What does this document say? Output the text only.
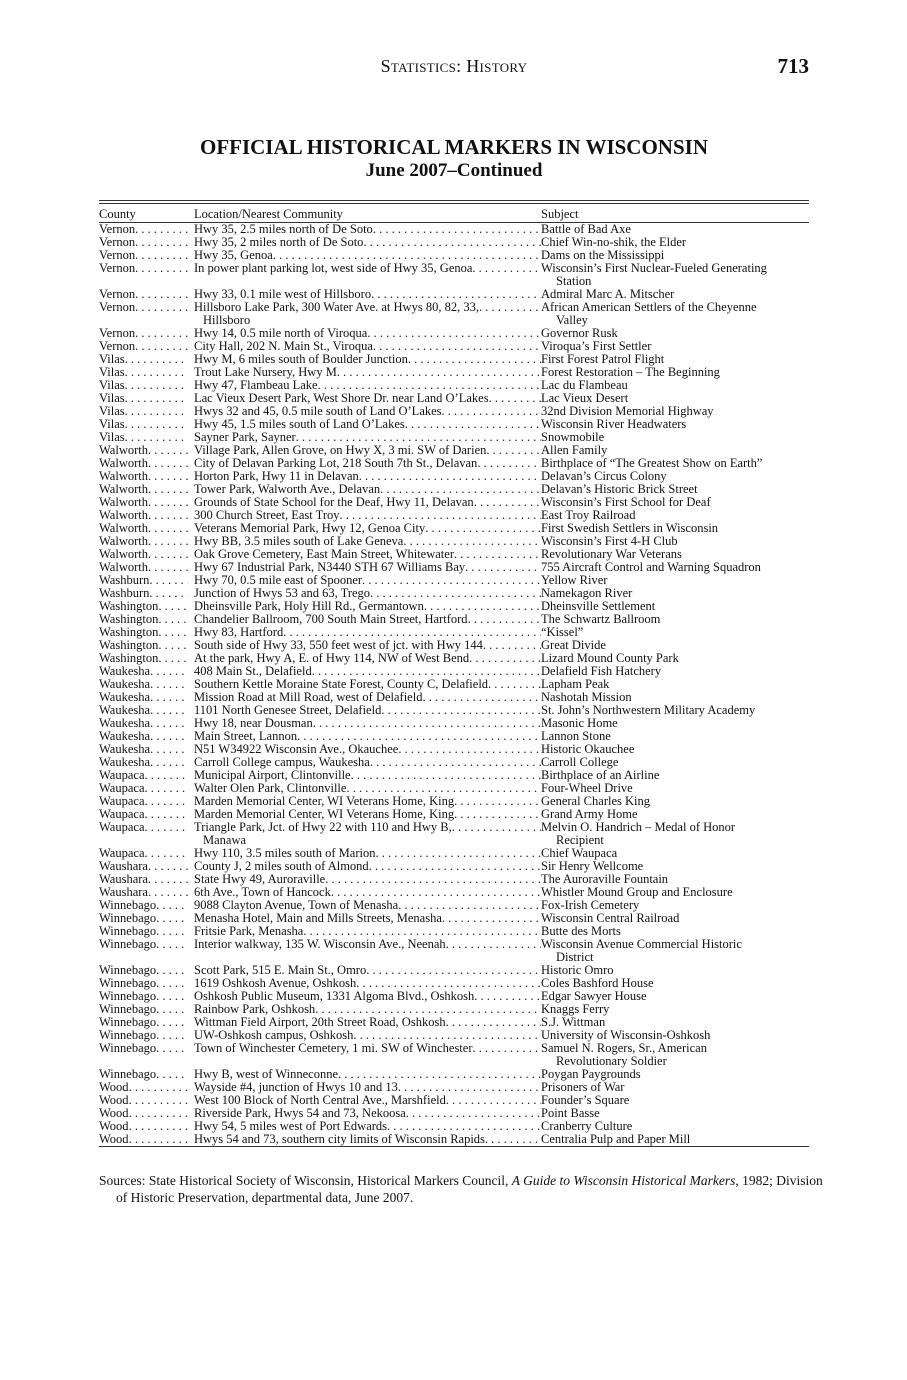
Statistics: History	713
OFFICIAL HISTORICAL MARKERS IN WISCONSIN
June 2007–Continued
County	Location/Nearest Community	Subject
Vernon . . .	Hwy 35, 2.5 miles north of De Soto . . .	Battle of Bad Axe
Vernon . . .	Hwy 35, 2 miles north of De Soto . . .	Chief Win-no-shik, the Elder
Vernon . . .	Hwy 35, Genoa . . .	Dams on the Mississippi
Vernon . . .	In power plant parking lot, west side of Hwy 35, Genoa . . .	Wisconsin’s First Nuclear-Fueled Generating
Station
Vernon . . .	Hwy 33, 0.1 mile west of Hillsboro . . .	Admiral Marc A. Mitscher
Vernon . . .	Hillsboro Lake Park, 300 Water Ave. at Hwys 80, 82, 33, . . .	African American Settlers of the Cheyenne
Hillsboro	Valley
Vernon . . .	Hwy 14, 0.5 mile north of Viroqua . . .	Governor Rusk
Vernon . . .	City Hall, 202 N. Main St., Viroqua . . .	Viroqua’s First Settler
Vilas . . .	Hwy M, 6 miles south of Boulder Junction . . .	First Forest Patrol Flight
Vilas . . .	Trout Lake Nursery, Hwy M . . .	Forest Restoration – The Beginning
Vilas . . .	Hwy 47, Flambeau Lake . . .	Lac du Flambeau
Vilas . . .	Lac Vieux Desert Park, West Shore Dr. near Land O’Lakes . . .	Lac Vieux Desert
Vilas . . .	Hwys 32 and 45, 0.5 mile south of Land O’Lakes . . .	32nd Division Memorial Highway
Vilas . . .	Hwy 45, 1.5 miles south of Land O’Lakes . . .	Wisconsin River Headwaters
Vilas . . .	Sayner Park, Sayner . . .	Snowmobile
Walworth . . .	Village Park, Allen Grove, on Hwy X, 3 mi. SW of Darien . . .	Allen Family
Walworth . . .	City of Delavan Parking Lot, 218 South 7th St., Delavan . . .	Birthplace of “The Greatest Show on Earth”
Walworth . . .	Horton Park, Hwy 11 in Delavan . . .	Delavan’s Circus Colony
Walworth . . .	Tower Park, Walworth Ave., Delavan . . .	Delavan’s Historic Brick Street
Walworth . . .	Grounds of State School for the Deaf, Hwy 11, Delavan . . .	Wisconsin’s First School for Deaf
Walworth . . .	300 Church Street, East Troy . . .	East Troy Railroad
Walworth . . .	Veterans Memorial Park, Hwy 12, Genoa City . . .	First Swedish Settlers in Wisconsin
Walworth . . .	Hwy BB, 3.5 miles south of Lake Geneva . . .	Wisconsin’s First 4-H Club
Walworth . . .	Oak Grove Cemetery, East Main Street, Whitewater . . .	Revolutionary War Veterans
Walworth . . .	Hwy 67 Industrial Park, N3440 STH 67 Williams Bay . . .	755 Aircraft Control and Warning Squadron
Washburn . . .	Hwy 70, 0.5 mile east of Spooner . . .	Yellow River
Washburn . . .	Junction of Hwys 53 and 63, Trego . . .	Namekagon River
Washington . . .	Dheinsville Park, Holy Hill Rd., Germantown . . .	Dheinsville Settlement
Washington . . .	Chandelier Ballroom, 700 South Main Street, Hartford . . .	The Schwartz Ballroom
Washington . . .	Hwy 83, Hartford . . .	“Kissel”
Washington . . .	South side of Hwy 33, 550 feet west of jct. with Hwy 144 . . .	Great Divide
Washington . . .	At the park, Hwy A, E. of Hwy 114, NW of West Bend . . .	Lizard Mound County Park
Waukesha . . .	408 Main St., Delafield . . .	Delafield Fish Hatchery
Waukesha . . .	Southern Kettle Moraine State Forest, County C, Delafield . . .	Lapham Peak
Waukesha . . .	Mission Road at Mill Road, west of Delafield . . .	Nashotah Mission
Waukesha . . .	1101 North Genesee Street, Delafield . . .	St. John’s Northwestern Military Academy
Waukesha . . .	Hwy 18, near Dousman . . .	Masonic Home
Waukesha . . .	Main Street, Lannon . . .	Lannon Stone
Waukesha . . .	N51 W34922 Wisconsin Ave., Okauchee . . .	Historic Okauchee
Waukesha . . .	Carroll College campus, Waukesha . . .	Carroll College
Waupaca . . .	Municipal Airport, Clintonville . . .	Birthplace of an Airline
Waupaca . . .	Walter Olen Park, Clintonville . . .	Four-Wheel Drive
Waupaca . . .	Marden Memorial Center, WI Veterans Home, King . . .	General Charles King
Waupaca . . .	Marden Memorial Center, WI Veterans Home, King . . .	Grand Army Home
Waupaca . . .	Triangle Park, Jct. of Hwy 22 with 110 and Hwy B, . . .	Melvin O. Handrich – Medal of Honor
Manawa	Recipient
Waupaca . . .	Hwy 110, 3.5 miles south of Marion . . .	Chief Waupaca
Waushara . . .	County J, 2 miles south of Almond . . .	Sir Henry Wellcome
Waushara . . .	State Hwy 49, Auroraville . . .	The Auroraville Fountain
Waushara . . .	6th Ave., Town of Hancock . . .	Whistler Mound Group and Enclosure
Winnebago . . .	9088 Clayton Avenue, Town of Menasha . . .	Fox-Irish Cemetery
Winnebago . . .	Menasha Hotel, Main and Mills Streets, Menasha . . .	Wisconsin Central Railroad
Winnebago . . .	Fritsie Park, Menasha . . .	Butte des Morts
Winnebago . . .	Interior walkway, 135 W. Wisconsin Ave., Neenah . . .	Wisconsin Avenue Commercial Historic
District
Winnebago . . .	Scott Park, 515 E. Main St., Omro . . .	Historic Omro
Winnebago . . .	1619 Oshkosh Avenue, Oshkosh . . .	Coles Bashford House
Winnebago . . .	Oshkosh Public Museum, 1331 Algoma Blvd., Oshkosh . . .	Edgar Sawyer House
Winnebago . . .	Rainbow Park, Oshkosh . . .	Knaggs Ferry
Winnebago . . .	Wittman Field Airport, 20th Street Road, Oshkosh . . .	S.J. Wittman
Winnebago . . .	UW-Oshkosh campus, Oshkosh . . .	University of Wisconsin-Oshkosh
Winnebago . . .	Town of Winchester Cemetery, 1 mi. SW of Winchester . . .	Samuel N. Rogers, Sr., American
Revolutionary Soldier
Winnebago . . .	Hwy B, west of Winneconne . . .	Poygan Paygrounds
Wood . . .	Wayside #4, junction of Hwys 10 and 13 . . .	Prisoners of War
Wood . . .	West 100 Block of North Central Ave., Marshfield . . .	Founder’s Square
Wood . . .	Riverside Park, Hwys 54 and 73, Nekoosa . . .	Point Basse
Wood . . .	Hwy 54, 5 miles west of Port Edwards . . .	Cranberry Culture
Wood . . .	Hwys 54 and 73, southern city limits of Wisconsin Rapids . . .	Centralia Pulp and Paper Mill
Sources: State Historical Society of Wisconsin, Historical Markers Council, A Guide to Wisconsin Historical Markers, 1982; Division of Historic Preservation, departmental data, June 2007.
